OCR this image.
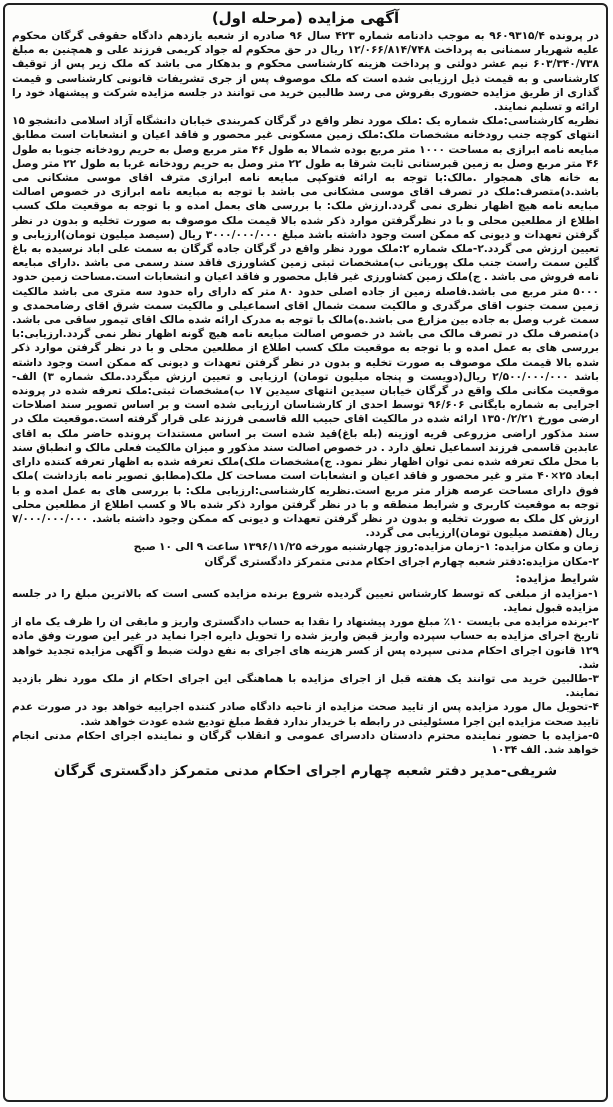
آگهی مزایده (مرحله اول)

در پرونده ۹۶۰۹۳۱۵/۴ به موجب دادنامه شماره ۴۲۳ سال ۹۶ صادره از شعبه یازدهم دادگاه حقوقی گرگان محکوم علیه شهریار سمنانی به پرداخت ۱۲/۰۶۶/۸۱۴/۷۴۸ ریال در حق محکوم له جواد کریمی فرزند علی و همچنین به مبلغ ۶۰۳/۳۴۰/۷۳۸ نیم عشر دولتی و پرداخت هزینه کارشناسی محکوم و بدهکار می باشد که ملک زیر پس از توقیف کارشناسی و به قیمت ذیل ارزیابی شده است که ملک موصوف پس از جری تشریفات قانونی کارشناسی و قیمت گذاری از طریق مزایده حضوری بفروش می رسد طالبین خرید می توانند در جلسه مزایده شرکت و پیشنهاد خود را ارائه و تسلیم نمایند.

نظریه کارشناسی:ملک شماره یک :ملک مورد نظر واقع در گرگان کمربندی خیابان دانشگاه آزاد اسلامی دانشجو ۱۵ انتهای کوچه جنب رودخانه مشخصات ملک:ملک زمین مسکونی غیر محصور و فاقد اعیان و انشعابات است مطابق مبایعه نامه ابرازی به مساحت ۱۰۰۰ متر مربع بوده شمالا به طول ۴۶ متر مربع وصل به حریم رودخانه جنوبا به طول ۴۶ متر مربع وصل به زمین قبرستانی ثابت شرقا به طول ۲۲ متر وصل به حریم رودخانه غربا به طول ۲۲ متر وصل به خانه های همجوار .مالک:با توجه به ارائه فتوکپی مبایعه نامه ابرازی مترف اقای موسی مشکانی می باشد.د)متصرف:ملک در تصرف اقای موسی مشکانی می باشد با توجه به مبایعه نامه ابرازی در خصوص اصالت مبایعه نامه هیچ اظهار نظری نمی گردد.ارزش ملک: با بررسی های بعمل امده و با توجه به موقعیت ملک کسب اطلاع از مطلعین محلی و با در نظرگرفتن موارد ذکر شده بالا قیمت ملک موصوف به صورت تخلیه و بدون در نظر گرفتن تعهدات و دیونی که ممکن است وجود داشته باشد مبلغ ۳۰۰۰/۰۰۰/۰۰۰ ریال (سیصد میلیون تومان)ارزیابی و تعیین ارزش می گردد.۲-ملک شماره ۲:ملک مورد نظر واقع در گرگان جاده گرگان به سمت علی اباد نرسیده به باغ گلین سمت راست جنب ملک پوریانی ب)مشخصات ثبتی زمین کشاورزی فاقد سند رسمی می باشد .دارای مبایعه نامه فروش می باشد . ج)ملک زمین کشاورزی غیر قابل محصور و فاقد اعیان و انشعابات است.مساحت زمین حدود ۵۰۰۰ متر مربع می باشد.فاصله زمین از جاده اصلی حدود ۸۰ متر که دارای راه حدود سه متری می باشد مالکیت زمین سمت جنوب اقای مرگدری و مالکیت سمت شمال اقای اسماعیلی و مالکیت سمت شرق اقای رضامحمدی و سمت غرب وصل به جاده بین مزارع می باشد.ه)مالک با توجه به مدرک ارائه شده مالک اقای تیمور ساقی می باشد. د)متصرف ملک در تصرف مالک می باشد در خصوص اصالت مبایعه نامه هیچ گونه اظهار نظر نمی گردد.ارزیابی:با بررسی های به عمل امده و با توجه به موقعیت ملک کسب اطلاع از مطلعین محلی و با در نظر گرفتن موارد ذکر شده بالا قیمت ملک موصوف به صورت تخلیه و بدون در نظر گرفتن تعهدات و دیونی که ممکن است وجود داشته باشد ۲/۵۰۰/۰۰۰/۰۰۰ ریال(دویست و پنجاه میلیون تومان) ارزیابی و تعیین ارزش میگردد.ملک شماره ۳) الف-موقعیت مکانی ملک واقع در گرگان خیابان سیدین انتهای سیدین ۱۷ ب)مشخصات ثبتی:ملک تعرفه شده در پرونده اجرایی به شماره بایگانی ۹۶/۶۰۶ توسط احدی از کارشناسان ارزیابی شده است و بر اساس تصویر سند اصلاحات ارضی مورخ ۱۳۵۰/۲/۲۱ ارائه شده در مالکیت اقای حبیب الله قاسمی فرزند علی قرار گرفته است.موقعیت ملک در سند مذکور اراضی مزروعی قریه اوزینه (بله باغ)قید شده است بر اساس مستندات پرونده حاضر ملک به اقای عابدین قاسمی فرزند اسماعیل تعلق دارد . در خصوص اصالت سند مذکور و میزان مالکیت فعلی مالک و انطباق سند با محل ملک تعرفه شده نمی توان اظهار نظر نمود. ج)مشخصات ملک)ملک تعرفه شده به اظهار تعرفه کننده دارای ابعاد ۲۵×۴۰ متر و غیر محصور و فاقد اعیان و انشعابات است مساحت کل ملک(مطابق تصویر نامه بازداشت )ملک فوق دارای مساحت عرصه هزار متر مربع است.نظریه کارشناسی:ارزیابی ملک: با بررسی های به عمل امده و با توجه به موقعیت کاربری و شرایط منطقه و با در نظر گرفتن موارد ذکر شده بالا و کسب اطلاع از مطلعین محلی ارزش کل ملک به صورت تخلیه و بدون در نظر گرفتن تعهدات و دیونی که ممکن وجود داشته باشد. ۷/۰۰۰/۰۰۰/۰۰۰ ریال (هفتصد میلیون تومان)ارزیابی می گردد.

زمان و مکان مزایده: ۱-زمان مزایده:روز چهارشنبه مورخه ۱۳۹۶/۱۱/۲۵ ساعت ۹ الی ۱۰ صبح

۲-مکان مزایده:دفتر شعبه چهارم اجرای احکام مدنی متمرکز دادگستری گرگان

شرایط مزایده:

۱-مزایده از مبلغی که توسط کارشناس تعیین گردیده شروع برنده مزایده کسی است که بالاترین مبلغ را در جلسه مزایده قبول نماید.

۲-برنده مزایده می بایست ۱۰٪ مبلغ مورد پیشنهاد را نقدا به حساب دادگستری واریز و مابقی ان را ظرف یک ماه از تاریخ اجرای مزایده به حساب سپرده واریز قبض واریز شده را تحویل دایره اجرا نماید در غیر این صورت وفق ماده ۱۲۹ قانون اجرای احکام مدنی سپرده پس از کسر هزینه های اجرای به نفع دولت ضبط و آگهی مزایده تجدید خواهد شد.

۳-طالبین خرید می توانند یک هفته قبل از اجرای مزایده با هماهنگی این اجرای احکام از ملک مورد نظر بازدید نمایند.

۴-تحویل مال مورد مزایده پس از تایید صحت مزایده از ناحیه دادگاه صادر کننده اجراییه خواهد بود در صورت عدم تایید صحت مزایده این اجرا مسئولیتی در رابطه با خریدار ندارد فقط مبلغ تودیع شده عودت خواهد شد.

۵-مزایده با حضور نماینده محترم دادستان دادسرای عمومی و انقلاب گرگان و نماینده اجرای احکام مدنی انجام خواهد شد. الف ۱۰۳۴

شریفی-مدیر دفتر شعبه چهارم اجرای احکام مدنی متمرکز دادگستری گرگان
